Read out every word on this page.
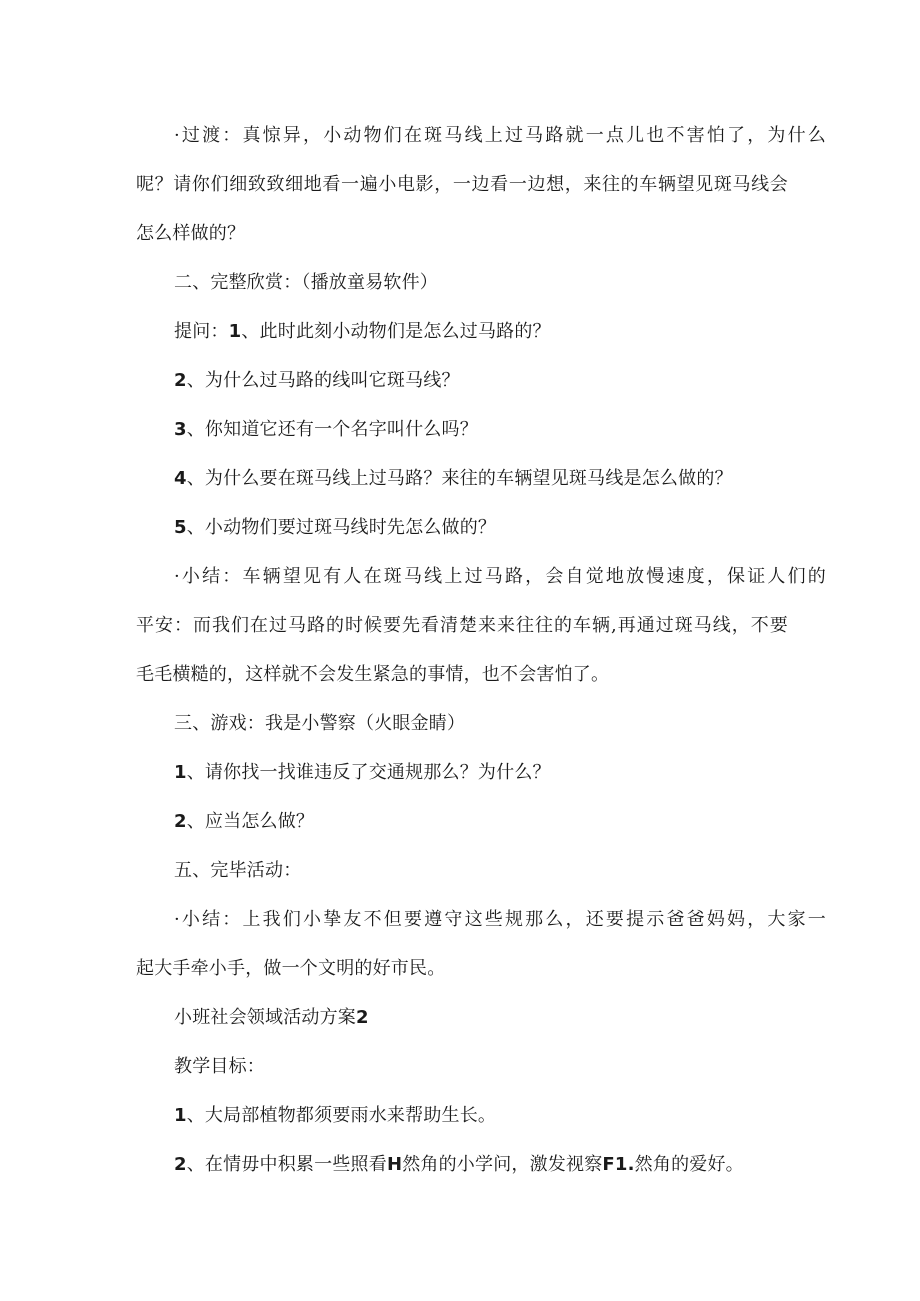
·过渡：真惊异，小动物们在斑马线上过马路就一点儿也不害怕了，为什么
呢？请你们细致致细地看一遍小电影，一边看一边想，来往的车辆望见斑马线会
怎么样做的？
二、完整欣赏：（播放童易软件）
提问：1、此时此刻小动物们是怎么过马路的？
2、为什么过马路的线叫它斑马线？
3、你知道它还有一个名字叫什么吗？
4、为什么要在斑马线上过马路？来往的车辆望见斑马线是怎么做的？
5、小动物们要过斑马线时先怎么做的？
·小结：车辆望见有人在斑马线上过马路，会自觉地放慢速度，保证人们的
平安：而我们在过马路的时候要先看清楚来来往往的车辆,再通过斑马线，不要
毛毛横糙的，这样就不会发生紧急的事情，也不会害怕了。
三、游戏：我是小警察（火眼金睛）
1、请你找一找谁违反了交通规那么？为什么？
2、应当怎么做？
五、完毕活动：
·小结：上我们小挚友不但要遵守这些规那么，还要提示爸爸妈妈，大家一
起大手牵小手，做一个文明的好市民。
小班社会领域活动方案2
教学目标：
1、大局部植物都须要雨水来帮助生长。
2、在情毋中积累一些照看H然角的小学问，激发视察F1.然角的爱好。
